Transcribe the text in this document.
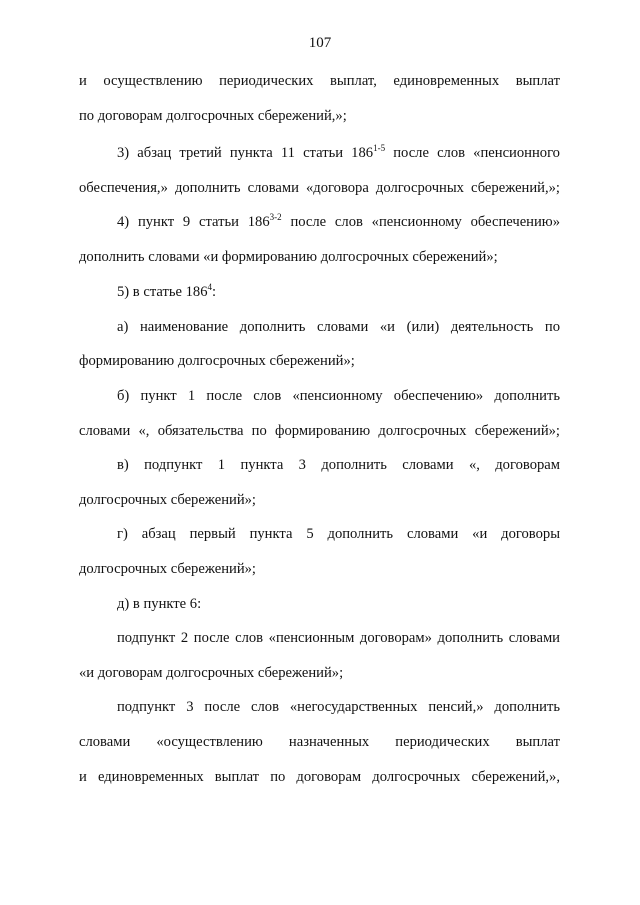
107
и осуществлению периодических выплат, единовременных выплат
по договорам долгосрочных сбережений,»;
3) абзац третий пункта 11 статьи 186$^{1-5}$ после слов «пенсионного
обеспечения,» дополнить словами «договора долгосрочных сбережений,»;
4) пункт 9 статьи 186$^{3-2}$ после слов «пенсионному обеспечению»
дополнить словами «и формированию долгосрочных сбережений»;
5) в статье $186^4$:
а) наименование дополнить словами «и (или) деятельность по
формированию долгосрочных сбережений»;
б) пункт 1 после слов «пенсионному обеспечению» дополнить
словами «, обязательства по формированию долгосрочных сбережений»;
в) подпункт 1 пункта 3 дополнить словами «, договорам
долгосрочных сбережений»;
г) абзац первый пункта 5 дополнить словами «и договоры
долгосрочных сбережений»;
д) в пункте 6:
подпункт 2 после слов «пенсионным договорам» дополнить словами
«и договорам долгосрочных сбережений»;
подпункт 3 после слов «негосударственных пенсий,» дополнить
словами «осуществлению назначенных периодических выплат
и единовременных выплат по договорам долгосрочных сбережений,»,
